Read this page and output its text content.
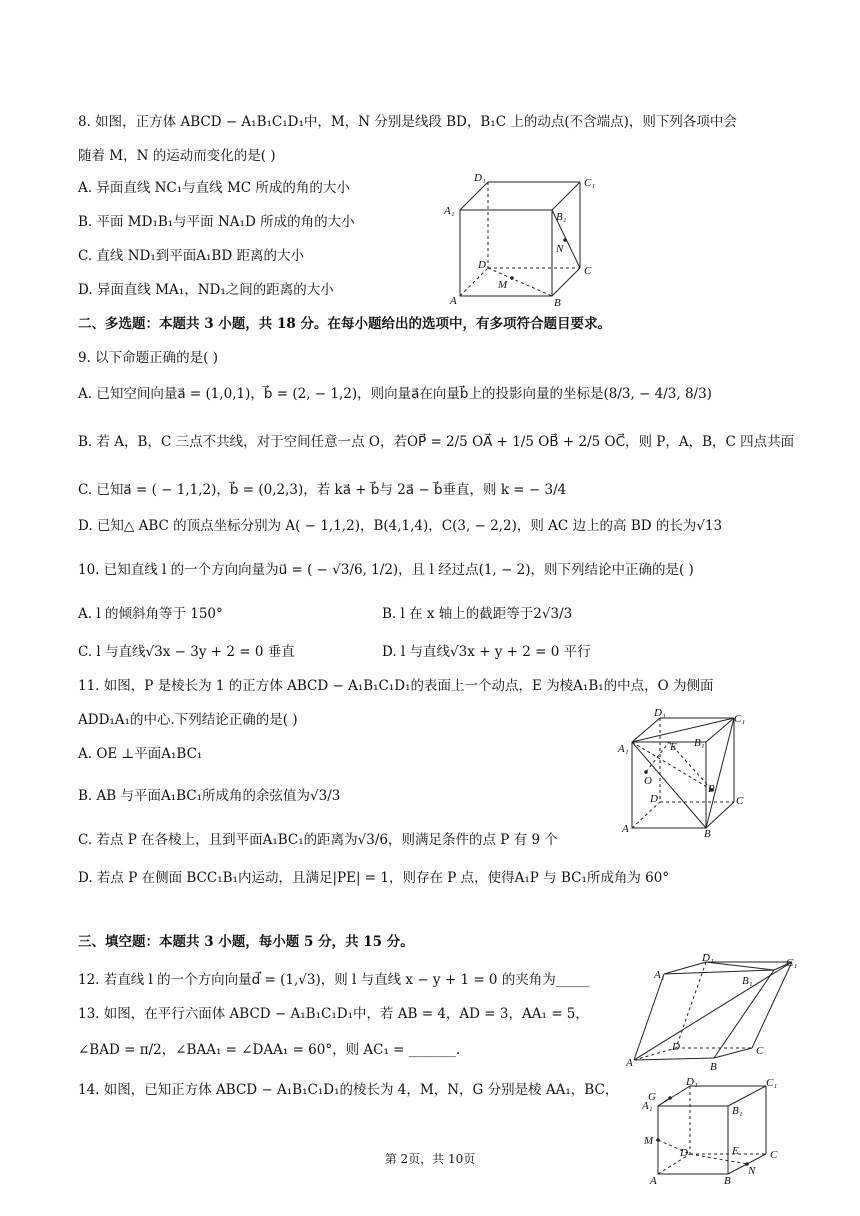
8. 如图，正方体 ABCD − A₁B₁C₁D₁中，M，N 分别是线段 BD，B₁C 上的动点(不含端点)，则下列各项中会
随着 M，N 的运动而变化的是( )
A. 异面直线 NC₁与直线 MC 所成的角的大小
B. 平面 MD₁B₁与平面 NA₁D 所成的角的大小
C. 直线 ND₁到平面A₁BD 距离的大小
D. 异面直线 MA₁，ND₁之间的距离的大小
D₁	C₁
A₁	B₁
N
D	C
M
A	B
二、多选题：本题共 3 小题，共 18 分。在每小题给出的选项中，有多项符合题目要求。
9. 以下命题正确的是( )
A. 已知空间向量a⃗ = (1,0,1)，b⃗ = (2, − 1,2)，则向量a⃗在向量b⃗上的投影向量的坐标是(8/3, − 4/3, 8/3)
B. 若 A，B，C 三点不共线，对于空间任意一点 O，若OP⃗ = 2/5 OA⃗ + 1/5 OB⃗ + 2/5 OC⃗，则 P，A，B，C 四点共面
C. 已知a⃗ = ( − 1,1,2)，b⃗ = (0,2,3)，若 ka⃗ + b⃗与 2a⃗ − b⃗垂直，则 k = − 3/4
D. 已知△ ABC 的顶点坐标分别为 A( − 1,1,2)，B(4,1,4)，C(3, − 2,2)，则 AC 边上的高 BD 的长为√13
10. 已知直线 l 的一个方向向量为u⃗ = ( − √3/6, 1/2)，且 l 经过点(1, − 2)，则下列结论中正确的是( )
A. l 的倾斜角等于 150°	B. l 在 x 轴上的截距等于2√3/3
C. l 与直线√3x − 3y + 2 = 0 垂直	D. l 与直线√3x + y + 2 = 0 平行
11. 如图，P 是棱长为 1 的正方体 ABCD − A₁B₁C₁D₁的表面上一个动点，E 为棱A₁B₁的中点，O 为侧面
ADD₁A₁的中心.下列结论正确的是( )
A. OE ⊥平面A₁BC₁
B. AB 与平面A₁BC₁所成角的余弦值为√3/3
C. 若点 P 在各棱上，且到平面A₁BC₁的距离为√3/6，则满足条件的点 P 有 9 个
D. 若点 P 在侧面 BCC₁B₁内运动，且满足|PE| = 1，则存在 P 点，使得A₁P 与 BC₁所成角为 60°
D₁	C₁
A₁	E B₁
O
P
D	C
A	B
三、填空题：本题共 3 小题，每小题 5 分，共 15 分。
12. 若直线 l 的一个方向向量d⃗ = (1,√3)，则 l 与直线 x − y + 1 = 0 的夹角为_____
13. 如图，在平行六面体 ABCD − A₁B₁C₁D₁中，若 AB = 4，AD = 3，AA₁ = 5，
∠BAD = π/2，∠BAA₁ = ∠DAA₁ = 60°，则 AC₁ = _______.
A₁
D₁	C₁
B₁
D	C
A	B
14. 如图，已知正方体 ABCD − A₁B₁C₁D₁的棱长为 4，M，N，G 分别是棱 AA₁，BC，	D₁	C₁
A₁	B₁
G
M
D	E	C
N
A	B
第 2页，共 10页
